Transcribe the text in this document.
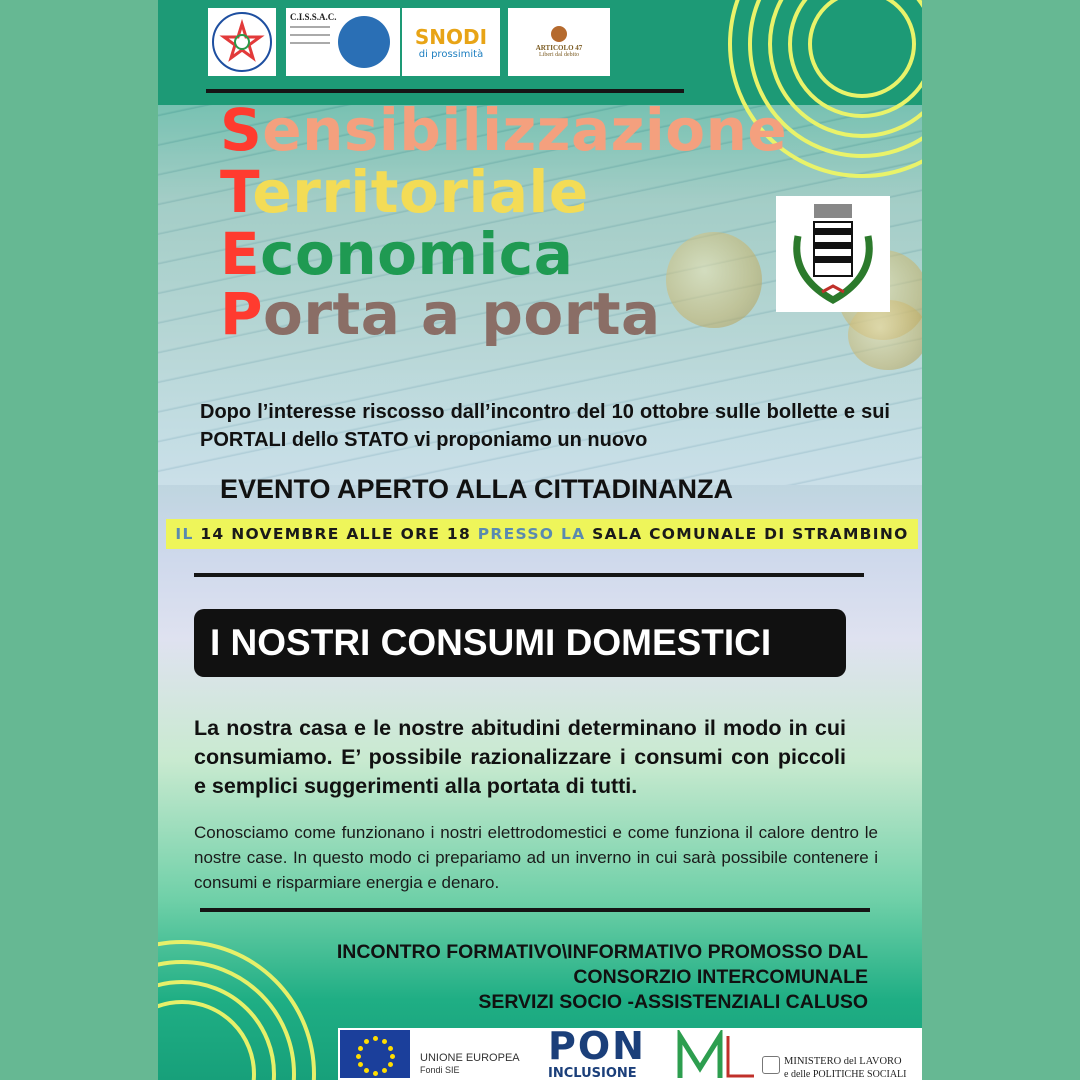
C.I.S.S.A.C.
SNODI
di prossimità
ARTICOLO 47
Liberi dal debito
Sensibilizzazione
Territoriale
Economica
Porta a porta
Dopo l’interesse riscosso dall’incontro del 10 ottobre sulle bollette e sui PORTALI dello STATO vi proponiamo un nuovo
EVENTO APERTO ALLA CITTADINANZA
IL 14 NOVEMBRE ALLE ORE 18 PRESSO LA SALA COMUNALE DI STRAMBINO
I NOSTRI CONSUMI DOMESTICI
La nostra casa e le nostre abitudini determinano il modo in cui consumiamo. E’ possibile razionalizzare i consumi con piccoli e semplici suggerimenti alla portata di tutti.
Conosciamo come funzionano i nostri elettrodomestici e come funziona il calore dentro le nostre case. In questo modo ci prepariamo ad un inverno in cui sarà possibile contenere i consumi e risparmiare energia e denaro.
INCONTRO FORMATIVO\INFORMATIVO PROMOSSO DAL
CONSORZIO INTERCOMUNALE
SERVIZI SOCIO -ASSISTENZIALI CALUSO
UNIONE EUROPEA
Fondi SIE
PON
INCLUSIONE
MINISTERO del LAVORO
e delle POLITICHE SOCIALI
